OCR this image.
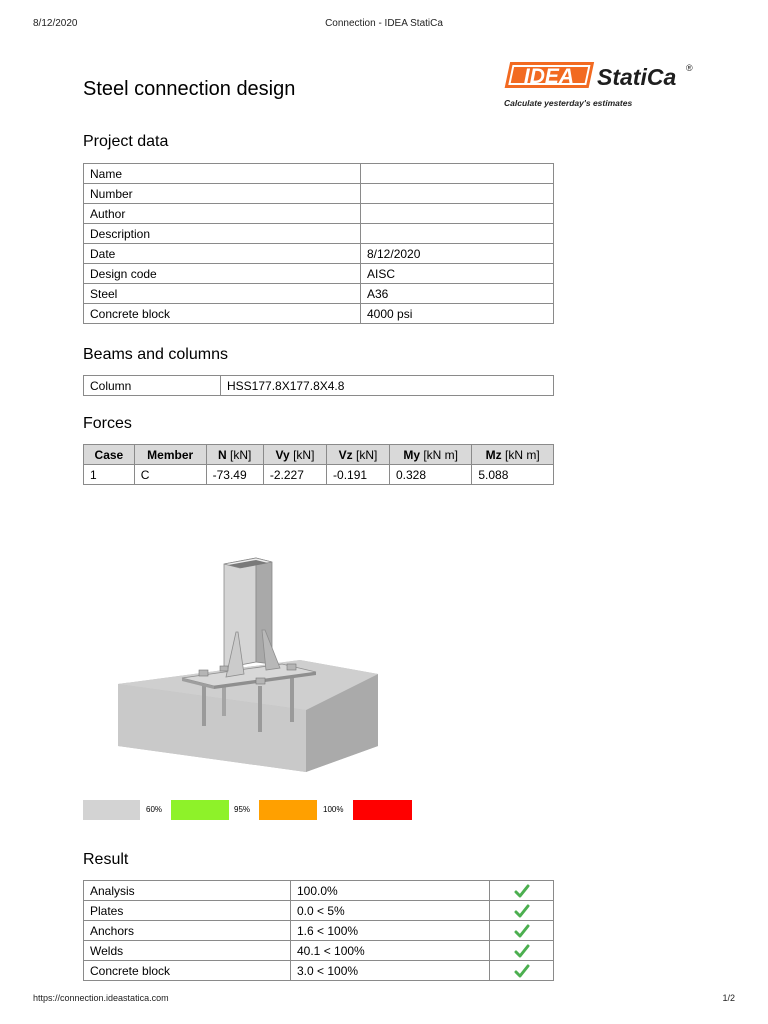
8/12/2020	Connection - IDEA StatiCa
Steel connection design
IDEA StatiCa ®
Calculate yesterday's estimates
Project data
Name	
Number	
Author	
Description	
Date	8/12/2020
Design code	AISC
Steel	A36
Concrete block	4000 psi
Beams and columns
Column	HSS177.8X177.8X4.8
Forces
Case	Member	N [kN]	Vy [kN]	Vz [kN]	My [kN m]	Mz [kN m]
1	C	-73.49	-2.227	-0.191	0.328	5.088
60%	95%	100%
Result
Analysis	100.0%	
Plates	0.0 < 5%	
Anchors	1.6 < 100%	
Welds	40.1 < 100%	
Concrete block	3.0 < 100%	
https://connection.ideastatica.com	1/2
